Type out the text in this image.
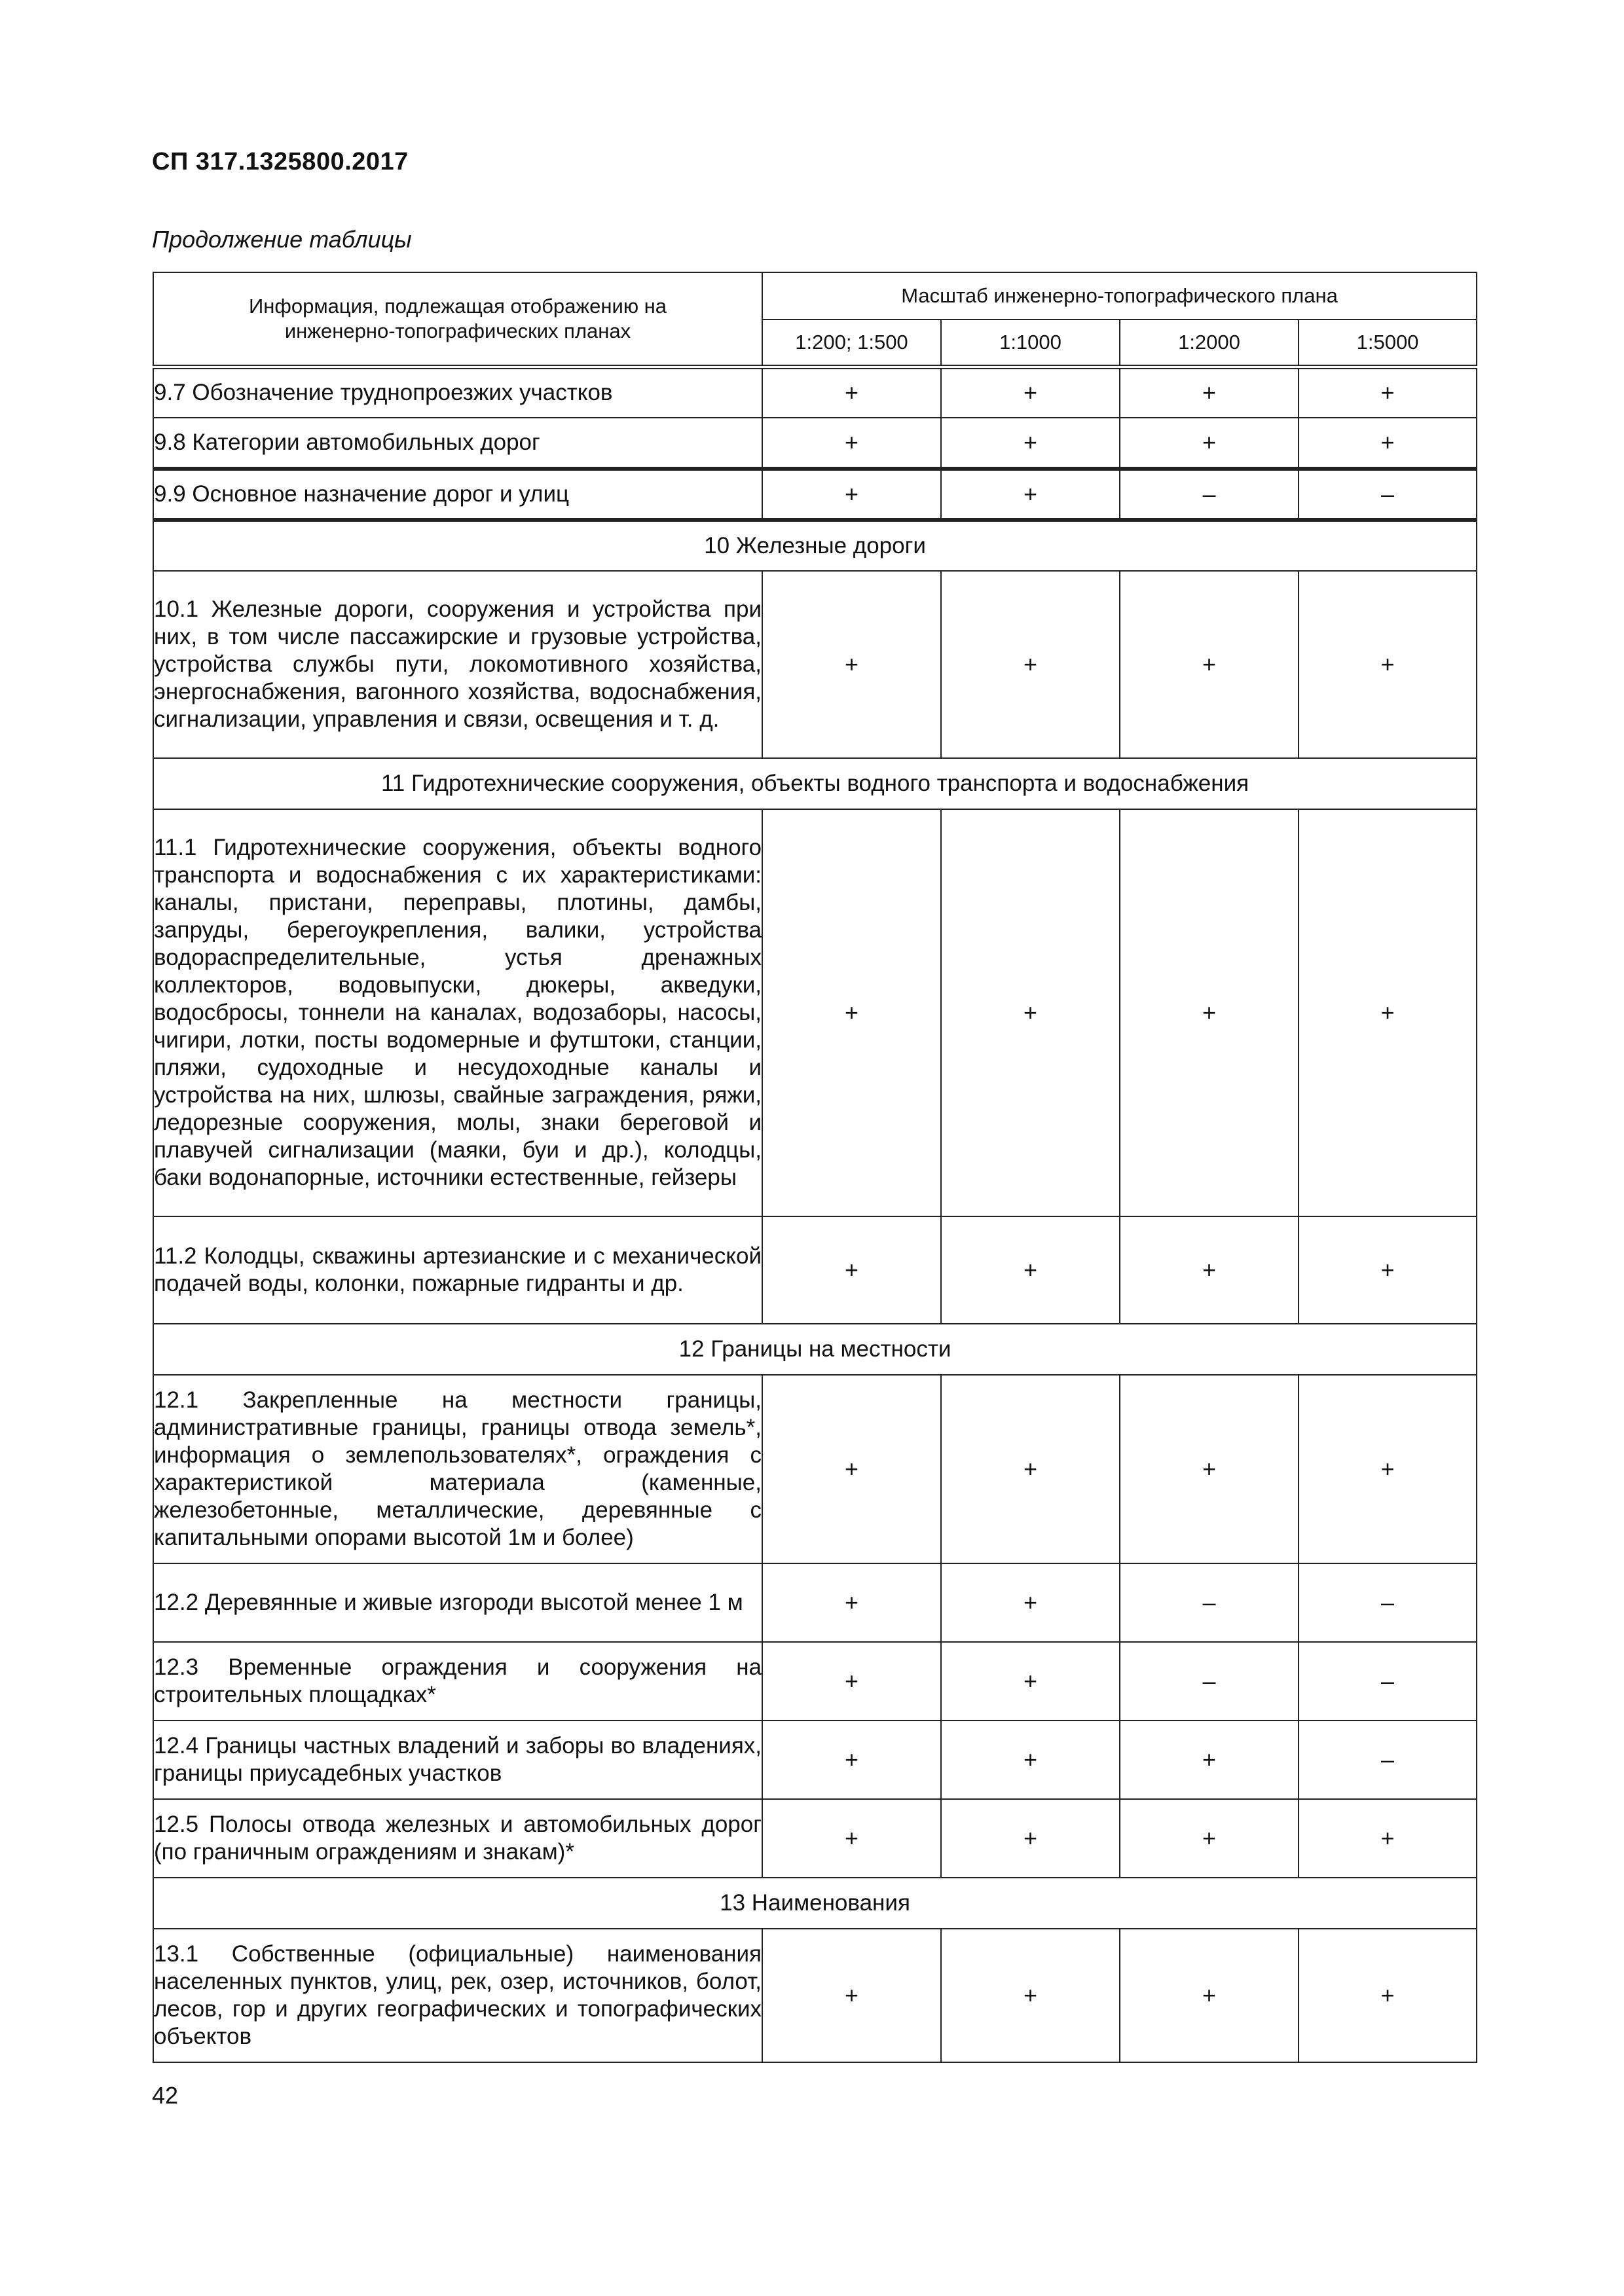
СП 317.1325800.2017
Продолжение таблицы
Информация, подлежащая отображению на инженерно-топографических планах	Масштаб инженерно-топографического плана			
	1:200; 1:500	1:1000	1:2000	1:5000
9.7 Обозначение труднопроезжих участков	+	+	+	+
9.8 Категории автомобильных дорог	+	+	+	+
9.9 Основное назначение дорог и улиц	+	+	–	–
10 Железные дороги				
10.1 Железные дороги, сооружения и устройства при них, в том числе пассажирские и грузовые устройства, устройства службы пути, локомотивного хозяйства, энергоснабжения, вагонного хозяйства, водоснабжения, сигнализации, управления и связи, освещения и т. д.	+	+	+	+
11 Гидротехнические сооружения, объекты водного транспорта и водоснабжения				
11.1 Гидротехнические сооружения, объекты водного транспорта и водоснабжения с их характеристиками: каналы, пристани, переправы, плотины, дамбы, запруды, берегоукрепления, валики, устройства водораспределительные, устья дренажных коллекторов, водовыпуски, дюкеры, акведуки, водосбросы, тоннели на каналах, водозаборы, насосы, чигири, лотки, посты водомерные и футштоки, станции, пляжи, судоходные и несудоходные каналы и устройства на них, шлюзы, свайные заграждения, ряжи, ледорезные сооружения, молы, знаки береговой и плавучей сигнализации (маяки, буи и др.), колодцы, баки водонапорные, источники естественные, гейзеры	+	+	+	+
11.2 Колодцы, скважины артезианские и с механической подачей воды, колонки, пожарные гидранты и др.	+	+	+	+
12 Границы на местности				
12.1 Закрепленные на местности границы, административные границы, границы отвода земель*, информация о землепользователях*, ограждения с характеристикой материала (каменные, железобетонные, металлические, деревянные с капитальными опорами высотой 1м и более)	+	+	+	+
12.2 Деревянные и живые изгороди высотой менее 1 м	+	+	–	–
12.3 Временные ограждения и сооружения на строительных площадках*	+	+	–	–
12.4 Границы частных владений и заборы во владениях, границы приусадебных участков	+	+	+	–
12.5 Полосы отвода железных и автомобильных дорог (по граничным ограждениям и знакам)*	+	+	+	+
13 Наименования				
13.1 Собственные (официальные) наименования населенных пунктов, улиц, рек, озер, источников, болот, лесов, гор и других географических и топографических объектов	+	+	+	+
42
